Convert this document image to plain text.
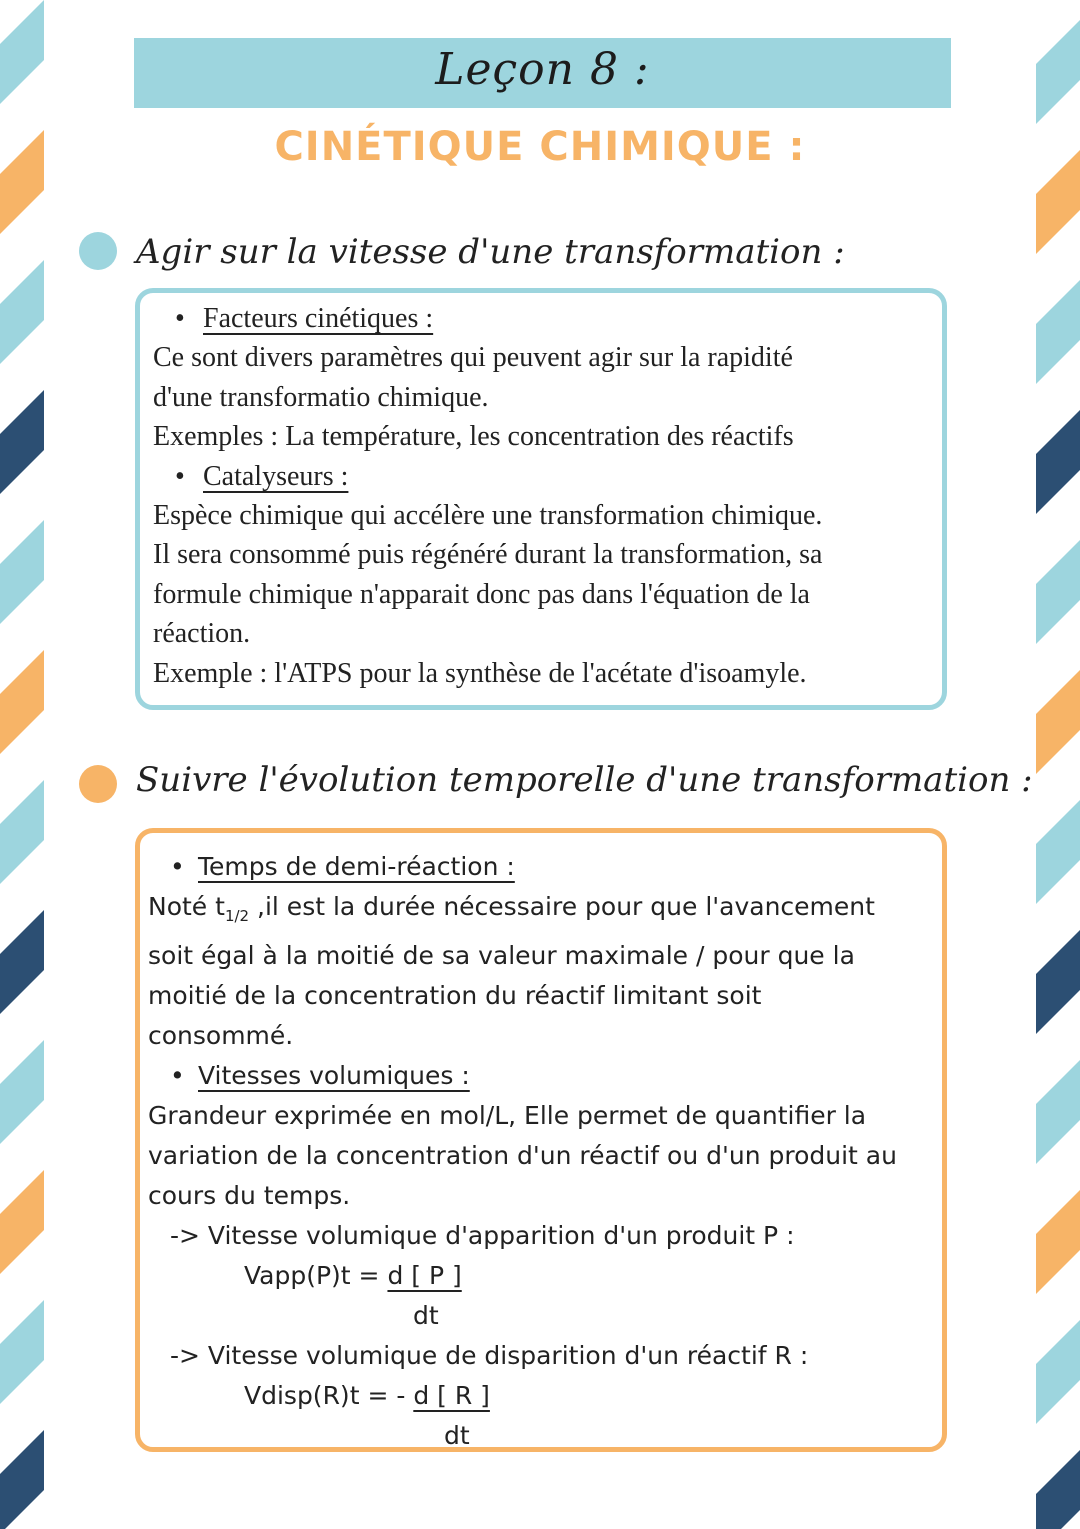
Leçon 8 :
CINÉTIQUE CHIMIQUE :
Agir sur la vitesse d'une transformation :
• Facteurs cinétiques :
Ce sont divers paramètres qui peuvent agir sur la rapidité
d'une transformatio chimique.
Exemples : La température, les concentration des réactifs
• Catalyseurs :
Espèce chimique qui accélère une transformation chimique.
Il sera consommé puis régénéré durant la transformation, sa
formule chimique n'apparait donc pas dans l'équation de la
réaction.
Exemple : l'ATPS pour la synthèse de l'acétate d'isoamyle.
Suivre l'évolution temporelle d'une transformation :
• Temps de demi-réaction :
Noté $t_{1/2}$ ,il est la durée nécessaire pour que l'avancement
soit égal à la moitié de sa valeur maximale / pour que la
moitié de la concentration du réactif limitant soit
consommé.
• Vitesses volumiques :
Grandeur exprimée en mol/L, Elle permet de quantifier la
variation de la concentration d'un réactif ou d'un produit au
cours du temps.
-> Vitesse volumique d'apparition d'un produit P :
Vapp(P)t = d [ P ]
dt
-> Vitesse volumique de disparition d'un réactif R :
Vdisp(R)t = - d [ R ]
dt
